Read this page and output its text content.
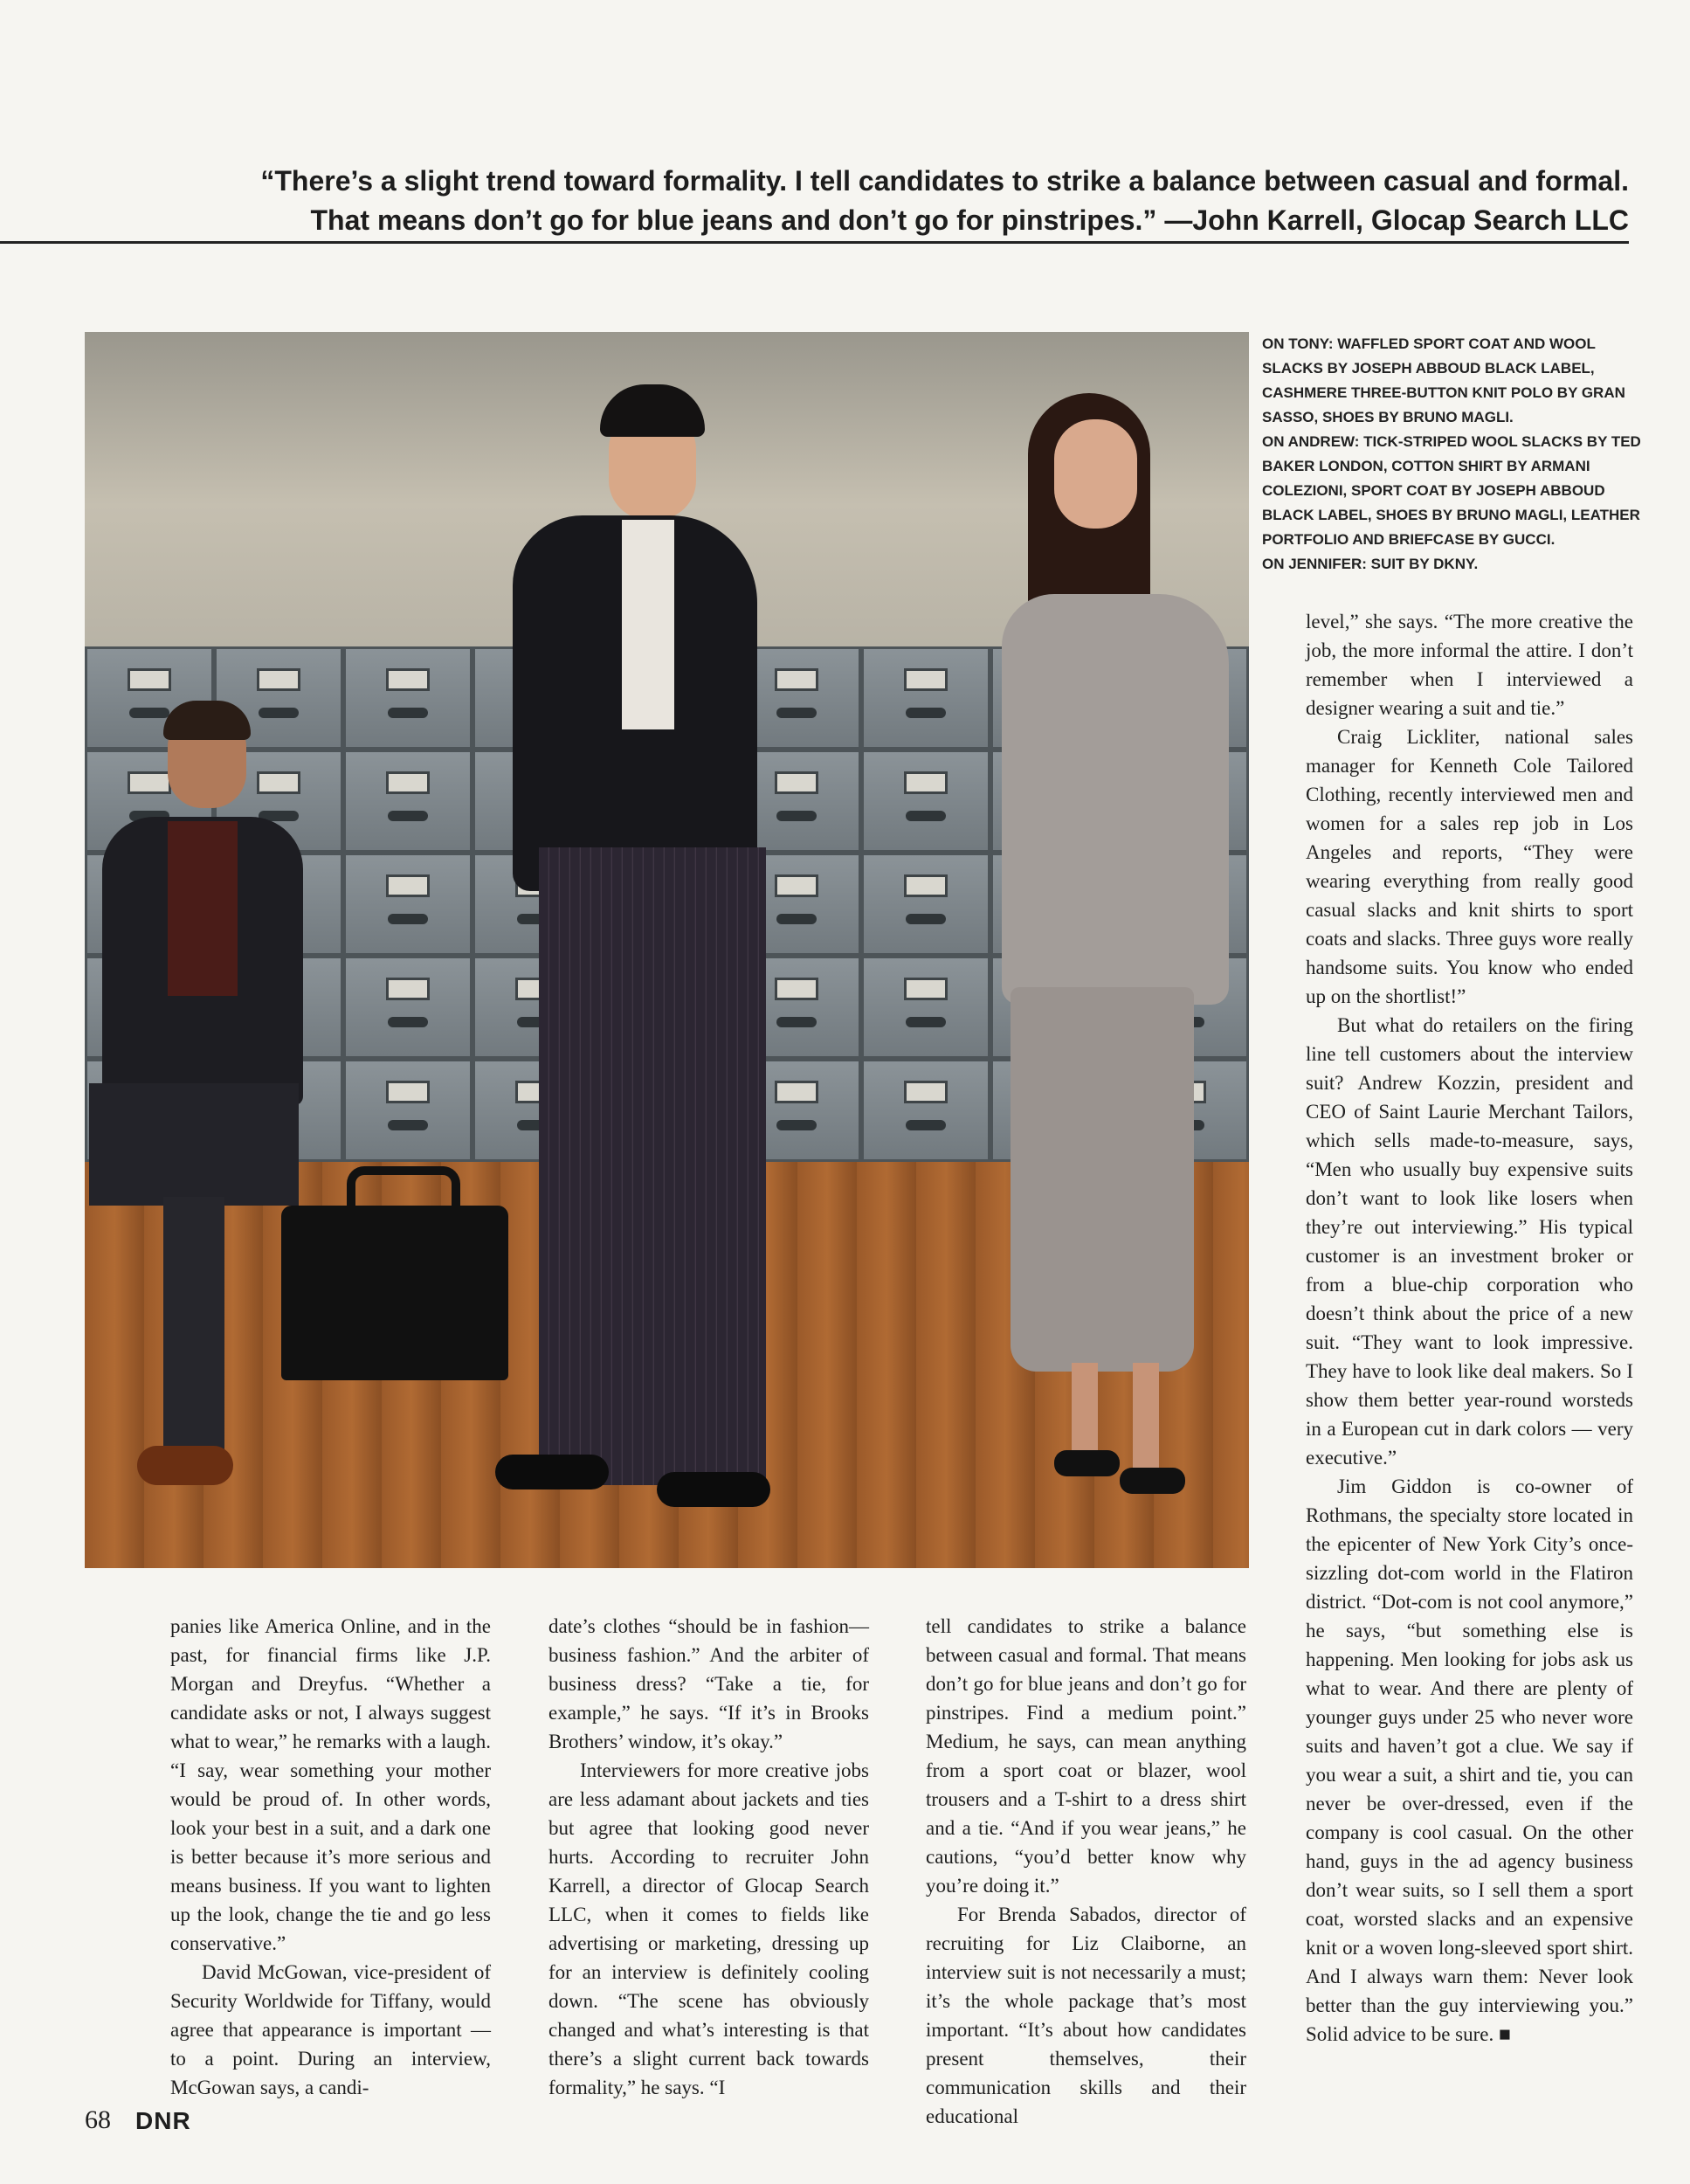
“There’s a slight trend toward formality. I tell candidates to strike a balance between casual and formal.

That means don’t go for blue jeans and don’t go for pinstripes.” —John Karrell, Glocap Search LLC
ON TONY: WAFFLED SPORT COAT AND WOOL SLACKS BY JOSEPH ABBOUD BLACK LABEL, CASHMERE THREE-BUTTON KNIT POLO BY GRAN SASSO, SHOES BY BRUNO MAGLI.
ON ANDREW: TICK-STRIPED WOOL SLACKS BY TED BAKER LONDON, COTTON SHIRT BY ARMANI COLEZIONI, SPORT COAT BY JOSEPH ABBOUD BLACK LABEL, SHOES BY BRUNO MAGLI, LEATHER PORTFOLIO AND BRIEFCASE BY GUCCI.
ON JENNIFER: SUIT BY DKNY.

level,” she says. “The more creative the job, the more informal the attire. I don’t remember when I interviewed a designer wearing a suit and tie.”

Craig Lickliter, national sales manager for Kenneth Cole Tailored Clothing, recently interviewed men and women for a sales rep job in Los Angeles and reports, “They were wearing everything from really good casual slacks and knit shirts to sport coats and slacks. Three guys wore really handsome suits. You know who ended up on the shortlist!”

But what do retailers on the firing line tell customers about the interview suit? Andrew Kozzin, president and CEO of Saint Laurie Merchant Tailors, which sells made-to-measure, says, “Men who usually buy expensive suits don’t want to look like losers when they’re out interviewing.” His typical customer is an investment broker or from a blue-chip corporation who doesn’t think about the price of a new suit. “They want to look impressive. They have to look like deal makers. So I show them better year-round worsteds in a European cut in dark colors — very executive.”

Jim Giddon is co-owner of Rothmans, the specialty store located in the epicenter of New York City’s once-sizzling dot-com world in the Flatiron district. “Dot-com is not cool anymore,” he says, “but something else is happening. Men looking for jobs ask us what to wear. And there are plenty of younger guys under 25 who never wore suits and haven’t got a clue. We say if you wear a suit, a shirt and tie, you can never be over-dressed, even if the company is cool casual. On the other hand, guys in the ad agency business don’t wear suits, so I sell them a sport coat, worsted slacks and an expensive knit or a woven long-sleeved sport shirt. And I always warn them: Never look better than the guy interviewing you.” Solid advice to be sure. ■

panies like America Online, and in the past, for financial firms like J.P. Morgan and Dreyfus. “Whether a candidate asks or not, I always suggest what to wear,” he remarks with a laugh. “I say, wear something your mother would be proud of. In other words, look your best in a suit, and a dark one is better because it’s more serious and means business. If you want to lighten up the look, change the tie and go less conservative.”

David McGowan, vice-president of Security Worldwide for Tiffany, would agree that appearance is important — to a point. During an interview, McGowan says, a candi-

date’s clothes “should be in fashion—business fashion.” And the arbiter of business dress? “Take a tie, for example,” he says. “If it’s in Brooks Brothers’ window, it’s okay.”

Interviewers for more creative jobs are less adamant about jackets and ties but agree that looking good never hurts. According to recruiter John Karrell, a director of Glocap Search LLC, when it comes to fields like advertising or marketing, dressing up for an interview is definitely cooling down. “The scene has obviously changed and what’s interesting is that there’s a slight current back towards formality,” he says. “I

tell candidates to strike a balance between casual and formal. That means don’t go for blue jeans and don’t go for pinstripes. Find a medium point.” Medium, he says, can mean anything from a sport coat or blazer, wool trousers and a T-shirt to a dress shirt and a tie. “And if you wear jeans,” he cautions, “you’d better know why you’re doing it.”

For Brenda Sabados, director of recruiting for Liz Claiborne, an interview suit is not necessarily a must; it’s the whole package that’s most important. “It’s about how candidates present themselves, their communication skills and their educational

68 DNR
